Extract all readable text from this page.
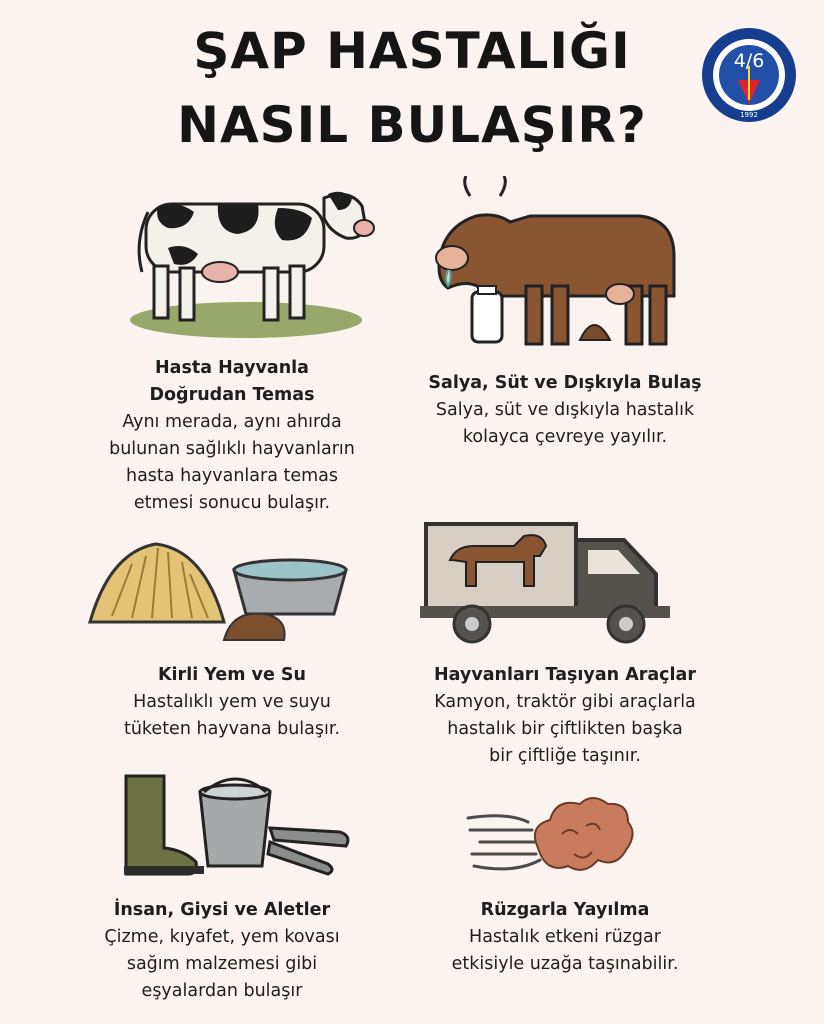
ŞAP HASTALIĞI
NASIL BULAŞIR?	1992
4/6
Hasta Hayvanla
Doğrudan Temas
Aynı merada, aynı ahırda
bulunan sağlıklı hayvanların
hasta hayvanlara temas
etmesi sonucu bulaşır.
Salya, Süt ve Dışkıyla Bulaş
Salya, süt ve dışkıyla hastalık
kolayca çevreye yayılır.
Kirli Yem ve Su
Hastalıklı yem ve suyu
tüketen hayvana bulaşır.
Hayvanları Taşıyan Araçlar
Kamyon, traktör gibi araçlarla
hastalık bir çiftlikten başka
bir çiftliğe taşınır.
İnsan, Giysi ve Aletler
Çizme, kıyafet, yem kovası
sağım malzemesi gibi
eşyalardan bulaşır
Rüzgarla Yayılma
Hastalık etkeni rüzgar
etkisiyle uzağa taşınabilir.
